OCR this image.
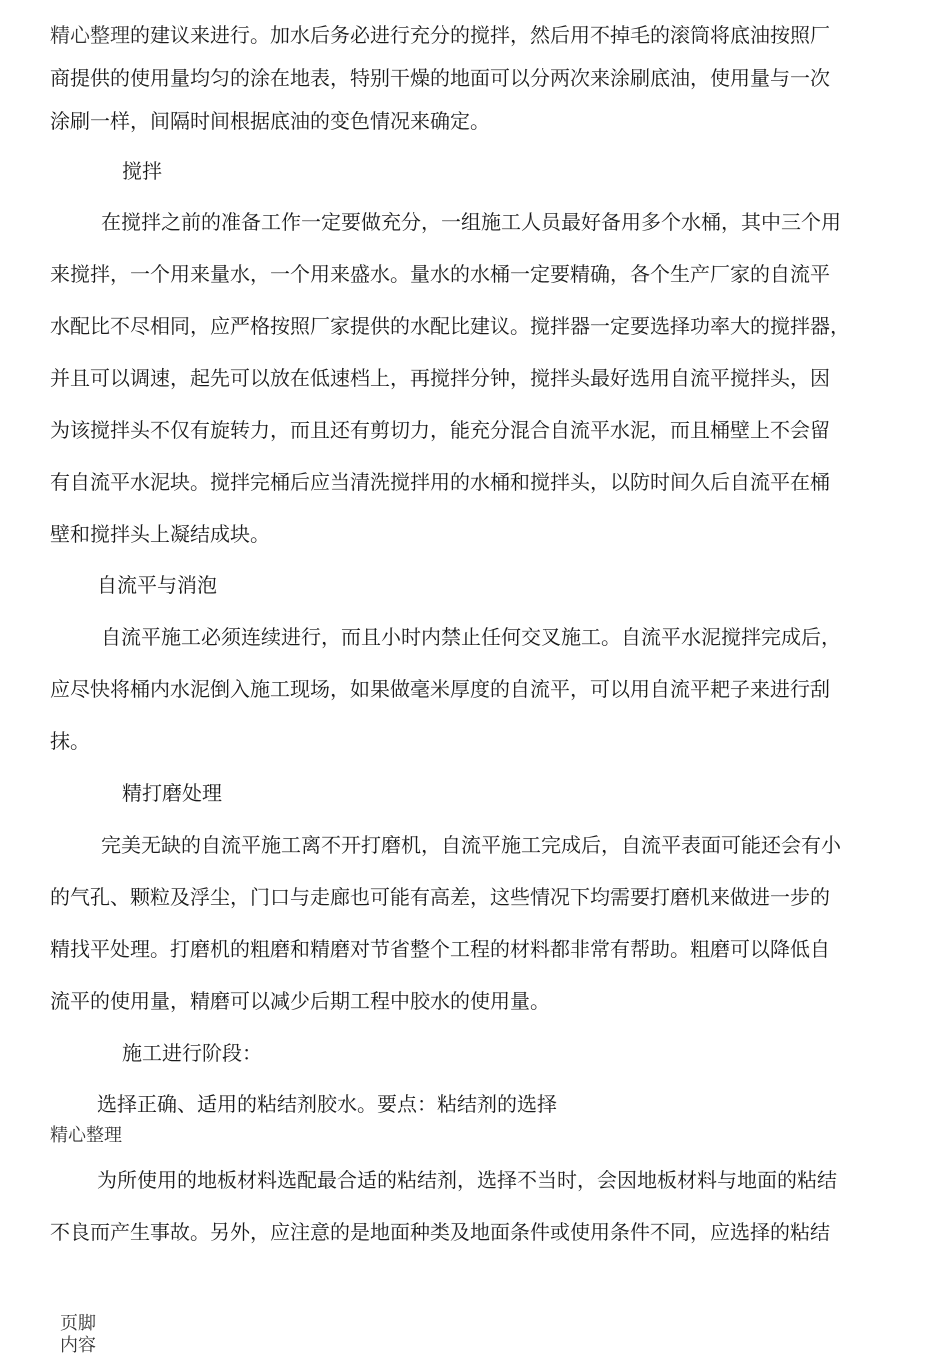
精心整理的建议来进行。加水后务必进行充分的搅拌，然后用不掉毛的滚筒将底油按照厂
商提供的使用量均匀的涂在地表，特别干燥的地面可以分两次来涂刷底油，使用量与一次
涂刷一样，间隔时间根据底油的变色情况来确定。
搅拌
在搅拌之前的准备工作一定要做充分，一组施工人员最好备用多个水桶，其中三个用
来搅拌，一个用来量水，一个用来盛水。量水的水桶一定要精确，各个生产厂家的自流平
水配比不尽相同，应严格按照厂家提供的水配比建议。搅拌器一定要选择功率大的搅拌器，
并且可以调速，起先可以放在低速档上，再搅拌分钟，搅拌头最好选用自流平搅拌头，因
为该搅拌头不仅有旋转力，而且还有剪切力，能充分混合自流平水泥，而且桶壁上不会留
有自流平水泥块。搅拌完桶后应当清洗搅拌用的水桶和搅拌头，以防时间久后自流平在桶
壁和搅拌头上凝结成块。
自流平与消泡
自流平施工必须连续进行，而且小时内禁止任何交叉施工。自流平水泥搅拌完成后，
应尽快将桶内水泥倒入施工现场，如果做毫米厚度的自流平，可以用自流平耙子来进行刮
抹。
精打磨处理
完美无缺的自流平施工离不开打磨机，自流平施工完成后，自流平表面可能还会有小
的气孔、颗粒及浮尘，门口与走廊也可能有高差，这些情况下均需要打磨机来做进一步的
精找平处理。打磨机的粗磨和精磨对节省整个工程的材料都非常有帮助。粗磨可以降低自
流平的使用量，精磨可以减少后期工程中胶水的使用量。
施工进行阶段：
选择正确、适用的粘结剂胶水。要点：粘结剂的选择
精心整理
为所使用的地板材料选配最合适的粘结剂，选择不当时，会因地板材料与地面的粘结
不良而产生事故。另外，应注意的是地面种类及地面条件或使用条件不同，应选择的粘结
页脚
内容
